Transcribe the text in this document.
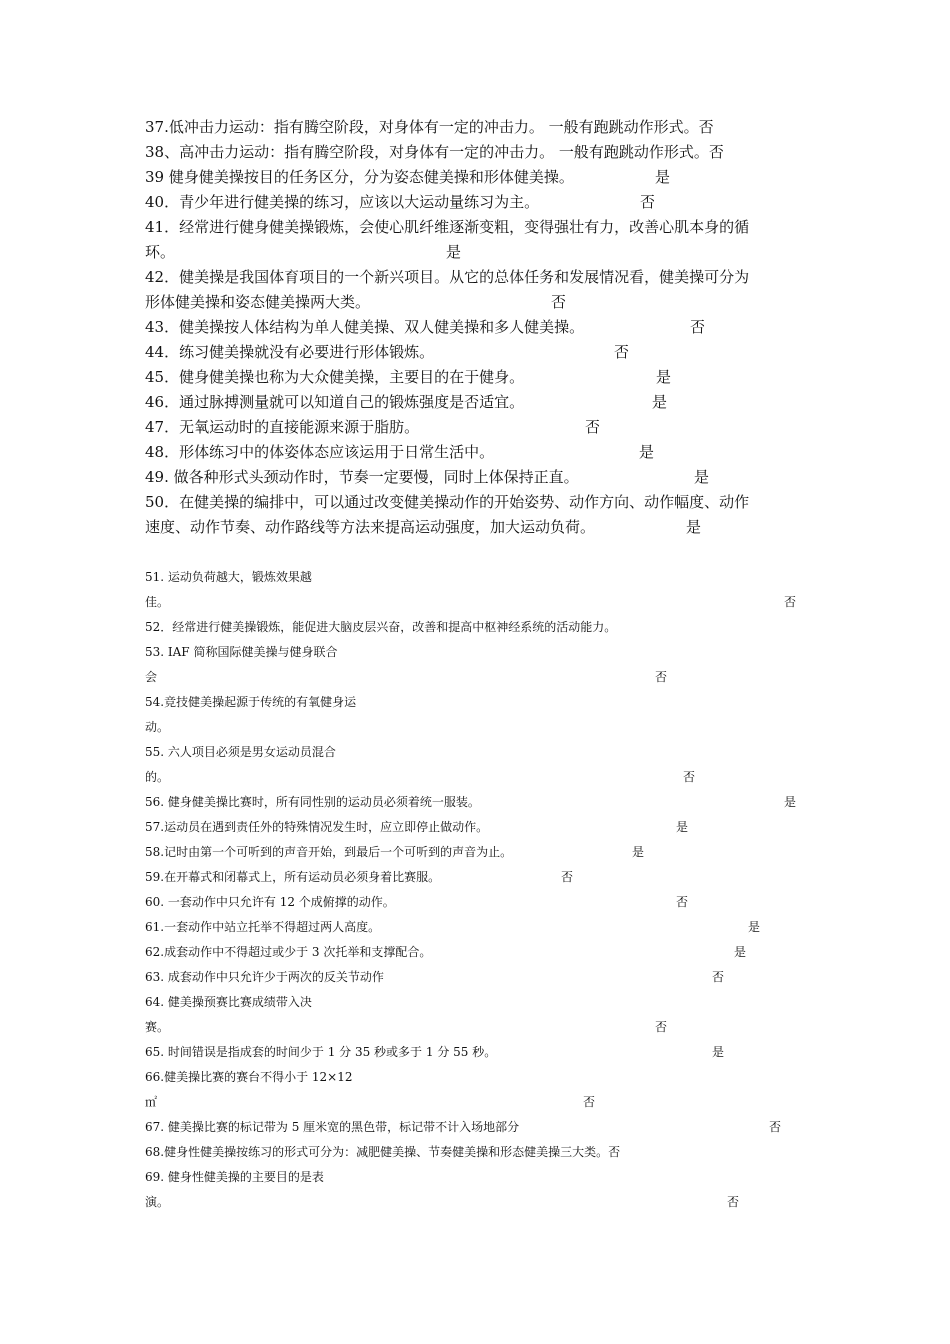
37.低冲击力运动：指有腾空阶段，对身体有一定的冲击力。 一般有跑跳动作形式。否
38、高冲击力运动：指有腾空阶段，对身体有一定的冲击力。 一般有跑跳动作形式。否
39 健身健美操按目的任务区分，分为姿态健美操和形体健美操。	是
40．青少年进行健美操的练习，应该以大运动量练习为主。	否
41．经常进行健身健美操锻炼，会使心肌纤维逐渐变粗，变得强壮有力，改善心肌本身的循
环。	是
42．健美操是我国体育项目的一个新兴项目。从它的总体任务和发展情况看，健美操可分为
形体健美操和姿态健美操两大类。	否
43．健美操按人体结构为单人健美操、双人健美操和多人健美操。	否
44．练习健美操就没有必要进行形体锻炼。	否
45．健身健美操也称为大众健美操，主要目的在于健身。	是
46．通过脉搏测量就可以知道自己的锻炼强度是否适宜。	是
47．无氧运动时的直接能源来源于脂肪。	否
48．形体练习中的体姿体态应该运用于日常生活中。	是
49. 做各种形式头颈动作时，节奏一定要慢，同时上体保持正直。	是
50．在健美操的编排中，可以通过改变健美操动作的开始姿势、动作方向、动作幅度、动作
速度、动作节奏、动作路线等方法来提高运动强度，加大运动负荷。	是
51. 运动负荷越大，锻炼效果越
佳。	否
52．经常进行健美操锻炼，能促进大脑皮层兴奋，改善和提高中枢神经系统的活动能力。
53. IAF 简称国际健美操与健身联合
会	否
54.竞技健美操起源于传统的有氧健身运
动。
55. 六人项目必须是男女运动员混合
的。	否
56. 健身健美操比赛时，所有同性别的运动员必须着统一服装。	是
57.运动员在遇到责任外的特殊情况发生时，应立即停止做动作。	是
58.记时由第一个可听到的声音开始，到最后一个可听到的声音为止。	是
59.在开幕式和闭幕式上，所有运动员必须身着比赛服。	否
60. 一套动作中只允许有 12 个成俯撑的动作。	否
61.一套动作中站立托举不得超过两人高度。	是
62.成套动作中不得超过或少于 3 次托举和支撑配合。	是
63. 成套动作中只允许少于两次的反关节动作	否
64. 健美操预赛比赛成绩带入决
赛。	否
65. 时间错误是指成套的时间少于 1 分 35 秒或多于 1 分 55 秒。	是
66.健美操比赛的赛台不得小于 12×12
㎡	否
67. 健美操比赛的标记带为 5 厘米宽的黑色带，标记带不计入场地部分	否
68.健身性健美操按练习的形式可分为：减肥健美操、节奏健美操和形态健美操三大类。否
69. 健身性健美操的主要目的是表
演。	否
